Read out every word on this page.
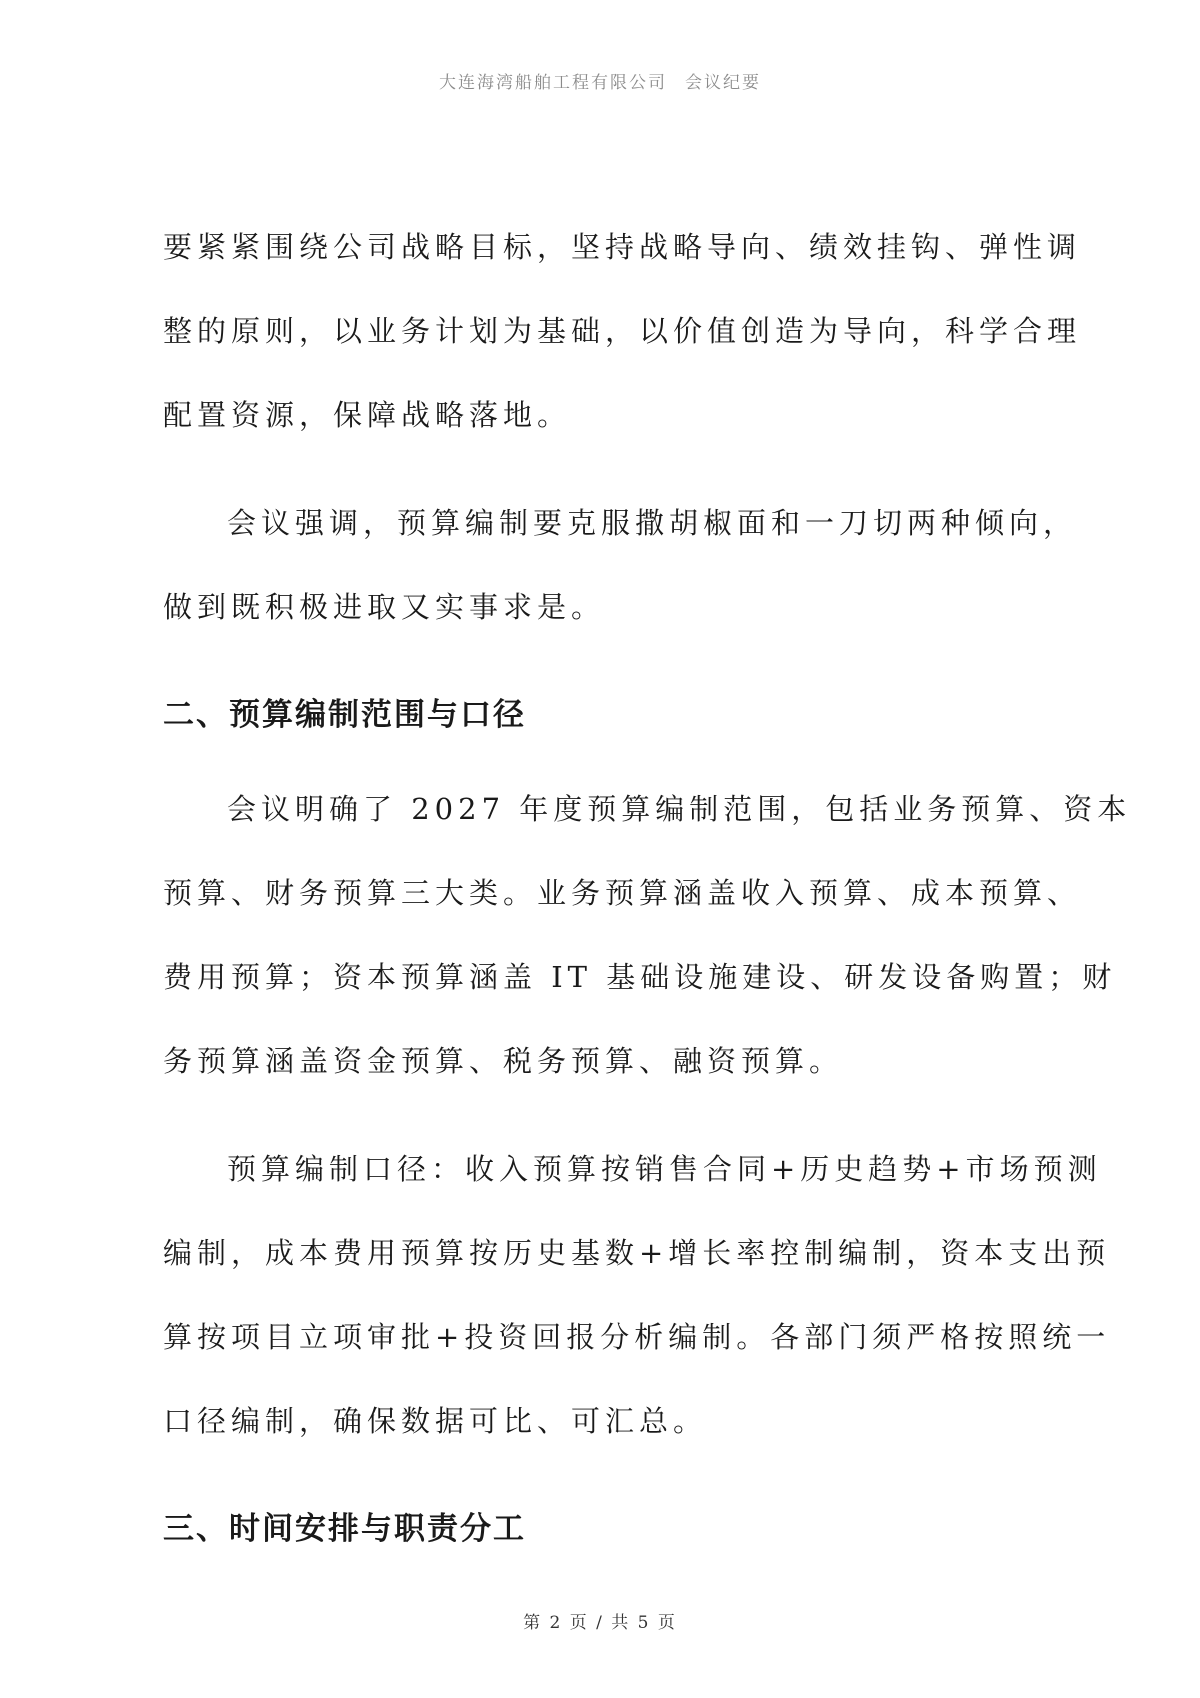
大连海湾船舶工程有限公司 会议纪要

要紧紧围绕公司战略目标，坚持战略导向、绩效挂钩、弹性调
整的原则，以业务计划为基础，以价值创造为导向，科学合理
配置资源，保障战略落地。

会议强调，预算编制要克服撒胡椒面和一刀切两种倾向，
做到既积极进取又实事求是。

二、预算编制范围与口径

会议明确了 2027 年度预算编制范围，包括业务预算、资本
预算、财务预算三大类。业务预算涵盖收入预算、成本预算、
费用预算；资本预算涵盖 IT 基础设施建设、研发设备购置；财
务预算涵盖资金预算、税务预算、融资预算。

预算编制口径：收入预算按销售合同+历史趋势+市场预测
编制，成本费用预算按历史基数+增长率控制编制，资本支出预
算按项目立项审批+投资回报分析编制。各部门须严格按照统一
口径编制，确保数据可比、可汇总。

三、时间安排与职责分工
第 2 页 / 共 5 页
